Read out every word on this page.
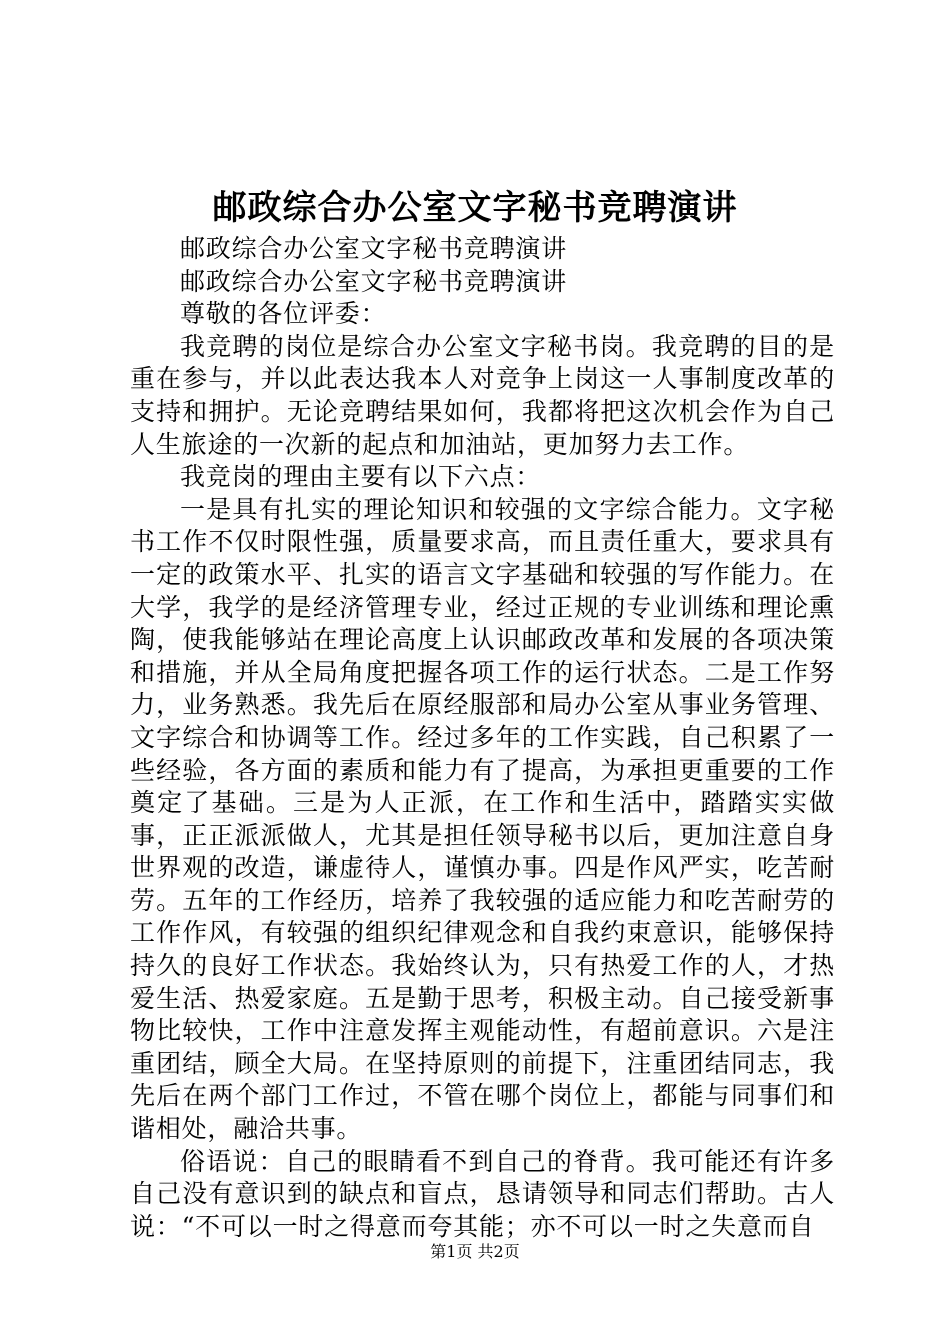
邮政综合办公室文字秘书竞聘演讲

邮政综合办公室文字秘书竞聘演讲

邮政综合办公室文字秘书竞聘演讲

尊敬的各位评委：

我竞聘的岗位是综合办公室文字秘书岗。我竞聘的目的是重在参与，并以此表达我本人对竞争上岗这一人事制度改革的支持和拥护。无论竞聘结果如何，我都将把这次机会作为自己人生旅途的一次新的起点和加油站，更加努力去工作。

我竞岗的理由主要有以下六点：

一是具有扎实的理论知识和较强的文字综合能力。文字秘书工作不仅时限性强，质量要求高，而且责任重大，要求具有一定的政策水平、扎实的语言文字基础和较强的写作能力。在大学，我学的是经济管理专业，经过正规的专业训练和理论熏陶，使我能够站在理论高度上认识邮政改革和发展的各项决策和措施，并从全局角度把握各项工作的运行状态。二是工作努力，业务熟悉。我先后在原经服部和局办公室从事业务管理、文字综合和协调等工作。经过多年的工作实践，自己积累了一些经验，各方面的素质和能力有了提高，为承担更重要的工作奠定了基础。三是为人正派，在工作和生活中，踏踏实实做事，正正派派做人，尤其是担任领导秘书以后，更加注意自身世界观的改造，谦虚待人，谨慎办事。四是作风严实，吃苦耐劳。五年的工作经历，培养了我较强的适应能力和吃苦耐劳的工作作风，有较强的组织纪律观念和自我约束意识，能够保持持久的良好工作状态。我始终认为，只有热爱工作的人，才热爱生活、热爱家庭。五是勤于思考，积极主动。自己接受新事物比较快，工作中注意发挥主观能动性，有超前意识。六是注重团结，顾全大局。在坚持原则的前提下，注重团结同志，我先后在两个部门工作过，不管在哪个岗位上，都能与同事们和谐相处，融洽共事。

俗语说：自己的眼睛看不到自己的脊背。我可能还有许多自己没有意识到的缺点和盲点，恳请领导和同志们帮助。古人说：“不可以一时之得意而夸其能；亦不可以一时之失意而自

第1页 共2页
